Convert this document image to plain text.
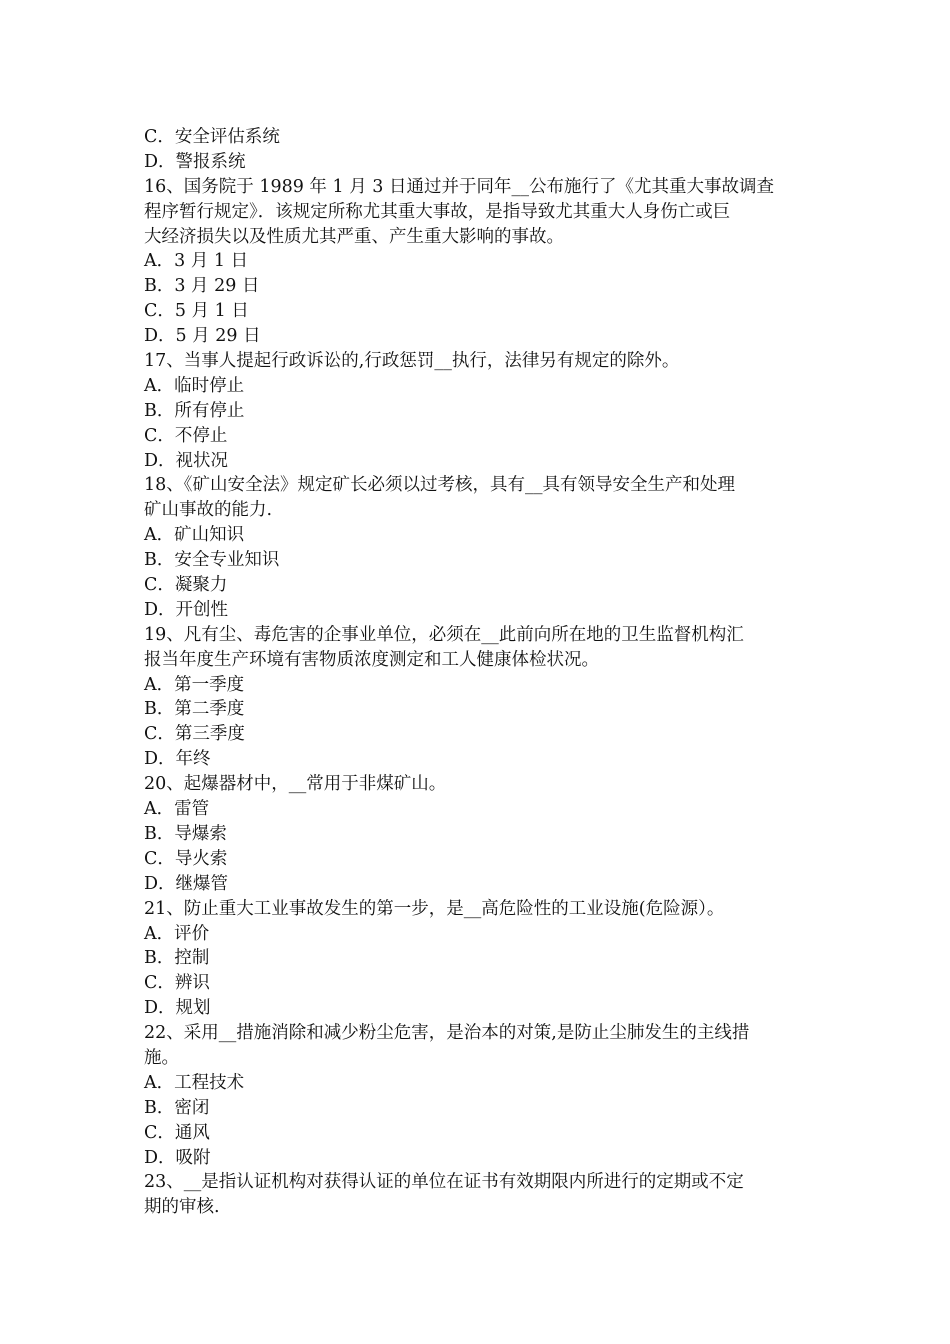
C．安全评估系统
D．警报系统
16、国务院于 1989 年 1 月 3 日通过并于同年__公布施行了《尤其重大事故调查
程序暂行规定》．该规定所称尤其重大事故，是指导致尤其重大人身伤亡或巨
大经济损失以及性质尤其严重、产生重大影响的事故。
A．3 月 1 日
B．3 月 29 日
C．5 月 1 日
D．5 月 29 日
17、当事人提起行政诉讼的,行政惩罚__执行，法律另有规定的除外。
A．临时停止
B．所有停止
C．不停止
D．视状况
18、《矿山安全法》规定矿长必须以过考核，具有__具有领导安全生产和处理
矿山事故的能力.
A．矿山知识
B．安全专业知识
C．凝聚力
D．开创性
19、凡有尘、毒危害的企事业单位，必须在__此前向所在地的卫生监督机构汇
报当年度生产环境有害物质浓度测定和工人健康体检状况。
A．第一季度
B．第二季度
C．第三季度
D．年终
20、起爆器材中，__常用于非煤矿山。
A．雷管
B．导爆索
C．导火索
D．继爆管
21、防止重大工业事故发生的第一步，是__高危险性的工业设施(危险源）。
A．评价
B．控制
C．辨识
D．规划
22、采用__措施消除和减少粉尘危害，是治本的对策,是防止尘肺发生的主线措
施。
A．工程技术
B．密闭
C．通风
D．吸附
23、__是指认证机构对获得认证的单位在证书有效期限内所进行的定期或不定
期的审核.
